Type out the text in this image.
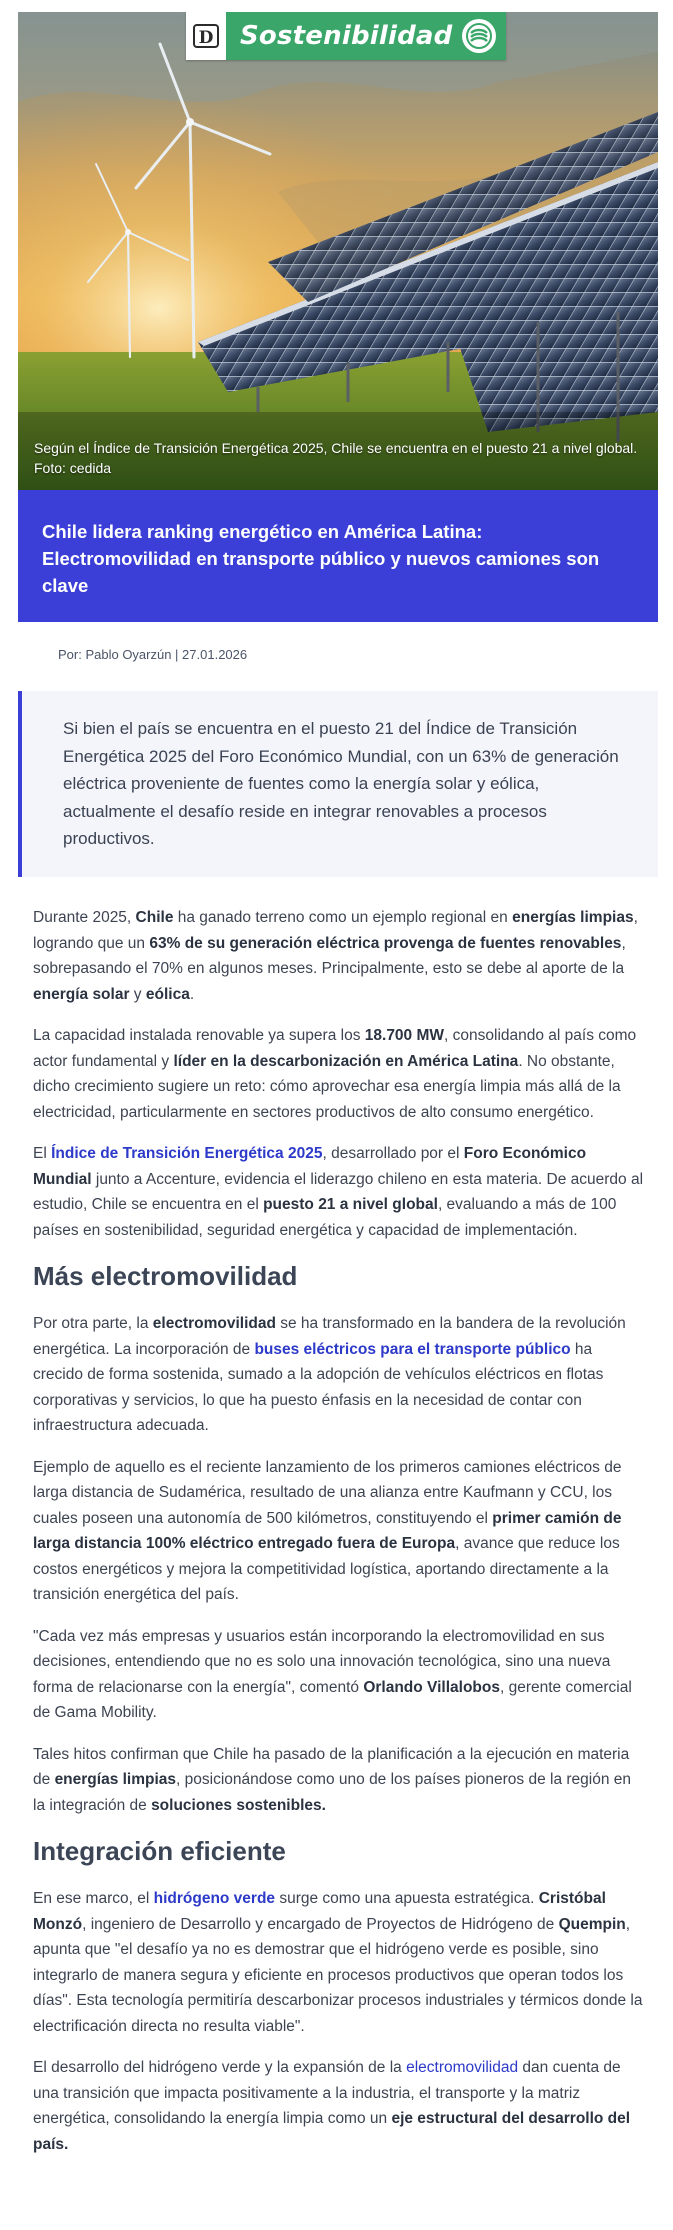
D Sostenibilidad
Según el Índice de Transición Energética 2025, Chile se encuentra en el puesto 21 a nivel global. Foto: cedida
Chile lidera ranking energético en América Latina: Electromovilidad en transporte público y nuevos camiones son clave
Por: Pablo Oyarzún | 27.01.2026
Si bien el país se encuentra en el puesto 21 del Índice de Transición Energética 2025 del Foro Económico Mundial, con un 63% de generación eléctrica proveniente de fuentes como la energía solar y eólica, actualmente el desafío reside en integrar renovables a procesos productivos.

Durante 2025, Chile ha ganado terreno como un ejemplo regional en energías limpias, logrando que un 63% de su generación eléctrica provenga de fuentes renovables, sobrepasando el 70% en algunos meses. Principalmente, esto se debe al aporte de la energía solar y eólica.

La capacidad instalada renovable ya supera los 18.700 MW, consolidando al país como actor fundamental y líder en la descarbonización en América Latina. No obstante, dicho crecimiento sugiere un reto: cómo aprovechar esa energía limpia más allá de la electricidad, particularmente en sectores productivos de alto consumo energético.

El Índice de Transición Energética 2025, desarrollado por el Foro Económico Mundial junto a Accenture, evidencia el liderazgo chileno en esta materia. De acuerdo al estudio, Chile se encuentra en el puesto 21 a nivel global, evaluando a más de 100 países en sostenibilidad, seguridad energética y capacidad de implementación.

Más electromovilidad

Por otra parte, la electromovilidad se ha transformado en la bandera de la revolución energética. La incorporación de buses eléctricos para el transporte público ha crecido de forma sostenida, sumado a la adopción de vehículos eléctricos en flotas corporativas y servicios, lo que ha puesto énfasis en la necesidad de contar con infraestructura adecuada.

Ejemplo de aquello es el reciente lanzamiento de los primeros camiones eléctricos de larga distancia de Sudamérica, resultado de una alianza entre Kaufmann y CCU, los cuales poseen una autonomía de 500 kilómetros, constituyendo el primer camión de larga distancia 100% eléctrico entregado fuera de Europa, avance que reduce los costos energéticos y mejora la competitividad logística, aportando directamente a la transición energética del país.

"Cada vez más empresas y usuarios están incorporando la electromovilidad en sus decisiones, entendiendo que no es solo una innovación tecnológica, sino una nueva forma de relacionarse con la energía", comentó Orlando Villalobos, gerente comercial de Gama Mobility.

Tales hitos confirman que Chile ha pasado de la planificación a la ejecución en materia de energías limpias, posicionándose como uno de los países pioneros de la región en la integración de soluciones sostenibles.

Integración eficiente

En ese marco, el hidrógeno verde surge como una apuesta estratégica. Cristóbal Monzó, ingeniero de Desarrollo y encargado de Proyectos de Hidrógeno de Quempin, apunta que "el desafío ya no es demostrar que el hidrógeno verde es posible, sino integrarlo de manera segura y eficiente en procesos productivos que operan todos los días". Esta tecnología permitiría descarbonizar procesos industriales y térmicos donde la electrificación directa no resulta viable".

El desarrollo del hidrógeno verde y la expansión de la electromovilidad dan cuenta de una transición que impacta positivamente a la industria, el transporte y la matriz energética, consolidando la energía limpia como un eje estructural del desarrollo del país.
